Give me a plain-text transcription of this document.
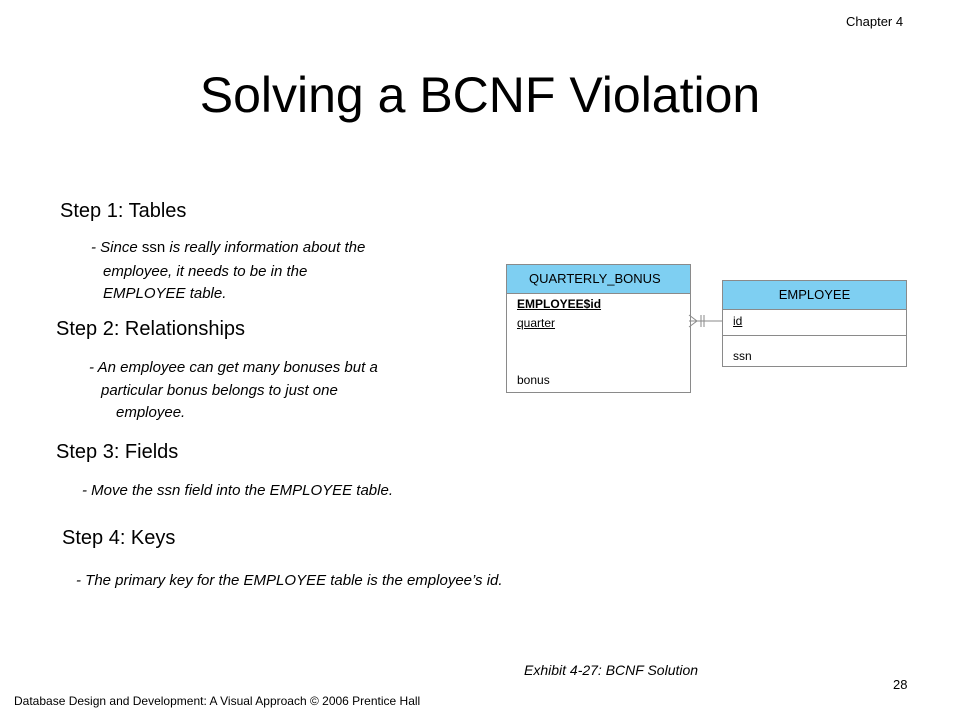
Chapter 4
Solving a BCNF Violation
Step 1: Tables
- Since ssn is really information about the
employee, it needs to be in the
EMPLOYEE table.
Step 2: Relationships
- An employee can get many bonuses but a
particular bonus belongs to just one
employee.
Step 3: Fields
- Move the ssn field into the EMPLOYEE table.
Step 4: Keys
- The primary key for the EMPLOYEE table is the employee’s id.
QUARTERLY_BONUS
EMPLOYEE$id
quarter
bonus
EMPLOYEE
id
ssn
Exhibit 4-27: BCNF Solution
28
Database Design and Development: A Visual Approach © 2006 Prentice Hall
